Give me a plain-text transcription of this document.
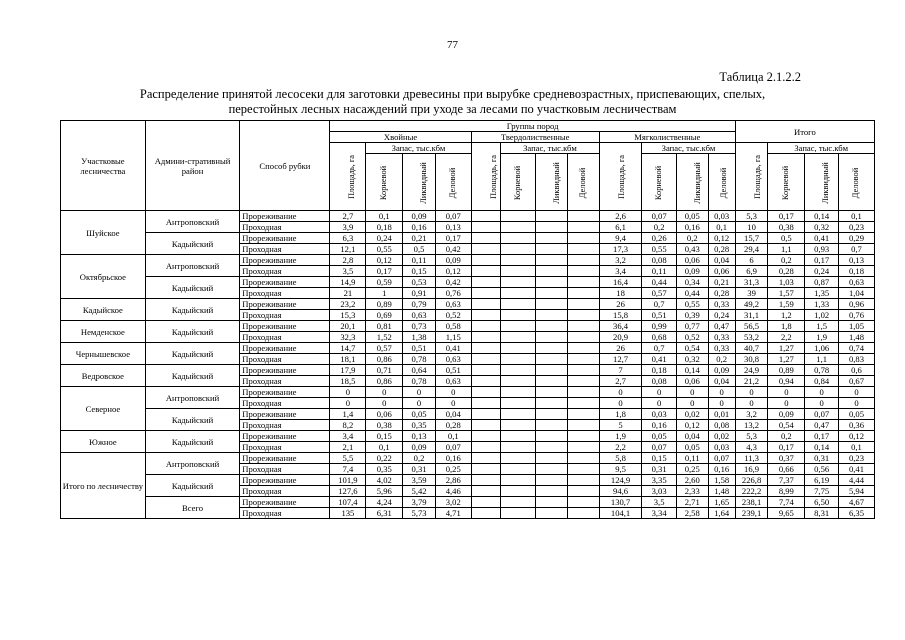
77
Таблица 2.1.2.2
Распределение принятой лесосеки для заготовки древесины при вырубке средневозрастных, приспевающих, спелых,
перестойных лесных насаждений при уходе за лесами по участковым лесничествам
Участковые лесничества	Админи-стративный район	Способ рубки	Группы пород												Итого			
			Хвойные				Твердолиственные				Мягколиственные							
			Площадь, га	Запас, тыс.кбм			Площадь, га	Запас, тыс.кбм			Площадь, га	Запас, тыс.кбм			Площадь, га	Запас, тыс.кбм		
				Корневой	Ликвидный	Деловой		Корневой	Ликвидный	Деловой		Корневой	Ликвидный	Деловой		Корневой	Ликвидный	Деловой
Шуйское	Антроповский	Прореживание	2,7	0,1	0,09	0,07					2,6	0,07	0,05	0,03	5,3	0,17	0,14	0,1
		Проходная	3,9	0,18	0,16	0,13					6,1	0,2	0,16	0,1	10	0,38	0,32	0,23
	Кадыйский	Прореживание	6,3	0,24	0,21	0,17					9,4	0,26	0,2	0,12	15,7	0,5	0,41	0,29
		Проходная	12,1	0,55	0,5	0,42					17,3	0,55	0,43	0,28	29,4	1,1	0,93	0,7
Октябрьское	Антроповский	Прореживание	2,8	0,12	0,11	0,09					3,2	0,08	0,06	0,04	6	0,2	0,17	0,13
		Проходная	3,5	0,17	0,15	0,12					3,4	0,11	0,09	0,06	6,9	0,28	0,24	0,18
	Кадыйский	Прореживание	14,9	0,59	0,53	0,42					16,4	0,44	0,34	0,21	31,3	1,03	0,87	0,63
		Проходная	21	1	0,91	0,76					18	0,57	0,44	0,28	39	1,57	1,35	1,04
Кадыйское	Кадыйский	Прореживание	23,2	0,89	0,79	0,63					26	0,7	0,55	0,33	49,2	1,59	1,33	0,96
		Проходная	15,3	0,69	0,63	0,52					15,8	0,51	0,39	0,24	31,1	1,2	1,02	0,76
Немденское	Кадыйский	Прореживание	20,1	0,81	0,73	0,58					36,4	0,99	0,77	0,47	56,5	1,8	1,5	1,05
		Проходная	32,3	1,52	1,38	1,15					20,9	0,68	0,52	0,33	53,2	2,2	1,9	1,48
Чернышевское	Кадыйский	Прореживание	14,7	0,57	0,51	0,41					26	0,7	0,54	0,33	40,7	1,27	1,06	0,74
		Проходная	18,1	0,86	0,78	0,63					12,7	0,41	0,32	0,2	30,8	1,27	1,1	0,83
Ведровское	Кадыйский	Прореживание	17,9	0,71	0,64	0,51					7	0,18	0,14	0,09	24,9	0,89	0,78	0,6
		Проходная	18,5	0,86	0,78	0,63					2,7	0,08	0,06	0,04	21,2	0,94	0,84	0,67
Северное	Антроповский	Прореживание	0	0	0	0					0	0	0	0	0	0	0	0
		Проходная	0	0	0	0					0	0	0	0	0	0	0	0
	Кадыйский	Прореживание	1,4	0,06	0,05	0,04					1,8	0,03	0,02	0,01	3,2	0,09	0,07	0,05
		Проходная	8,2	0,38	0,35	0,28					5	0,16	0,12	0,08	13,2	0,54	0,47	0,36
Южное	Кадыйский	Прореживание	3,4	0,15	0,13	0,1					1,9	0,05	0,04	0,02	5,3	0,2	0,17	0,12
		Проходная	2,1	0,1	0,09	0,07					2,2	0,07	0,05	0,03	4,3	0,17	0,14	0,1
Итого по лесничеству	Антроповский	Прореживание	5,5	0,22	0,2	0,16					5,8	0,15	0,11	0,07	11,3	0,37	0,31	0,23
		Проходная	7,4	0,35	0,31	0,25					9,5	0,31	0,25	0,16	16,9	0,66	0,56	0,41
	Кадыйский	Прореживание	101,9	4,02	3,59	2,86					124,9	3,35	2,60	1,58	226,8	7,37	6,19	4,44
		Проходная	127,6	5,96	5,42	4,46					94,6	3,03	2,33	1,48	222,2	8,99	7,75	5,94
	Всего	Прореживание	107,4	4,24	3,79	3,02					130,7	3,5	2,71	1,65	238,1	7,74	6,50	4,67
		Проходная	135	6,31	5,73	4,71					104,1	3,34	2,58	1,64	239,1	9,65	8,31	6,35
